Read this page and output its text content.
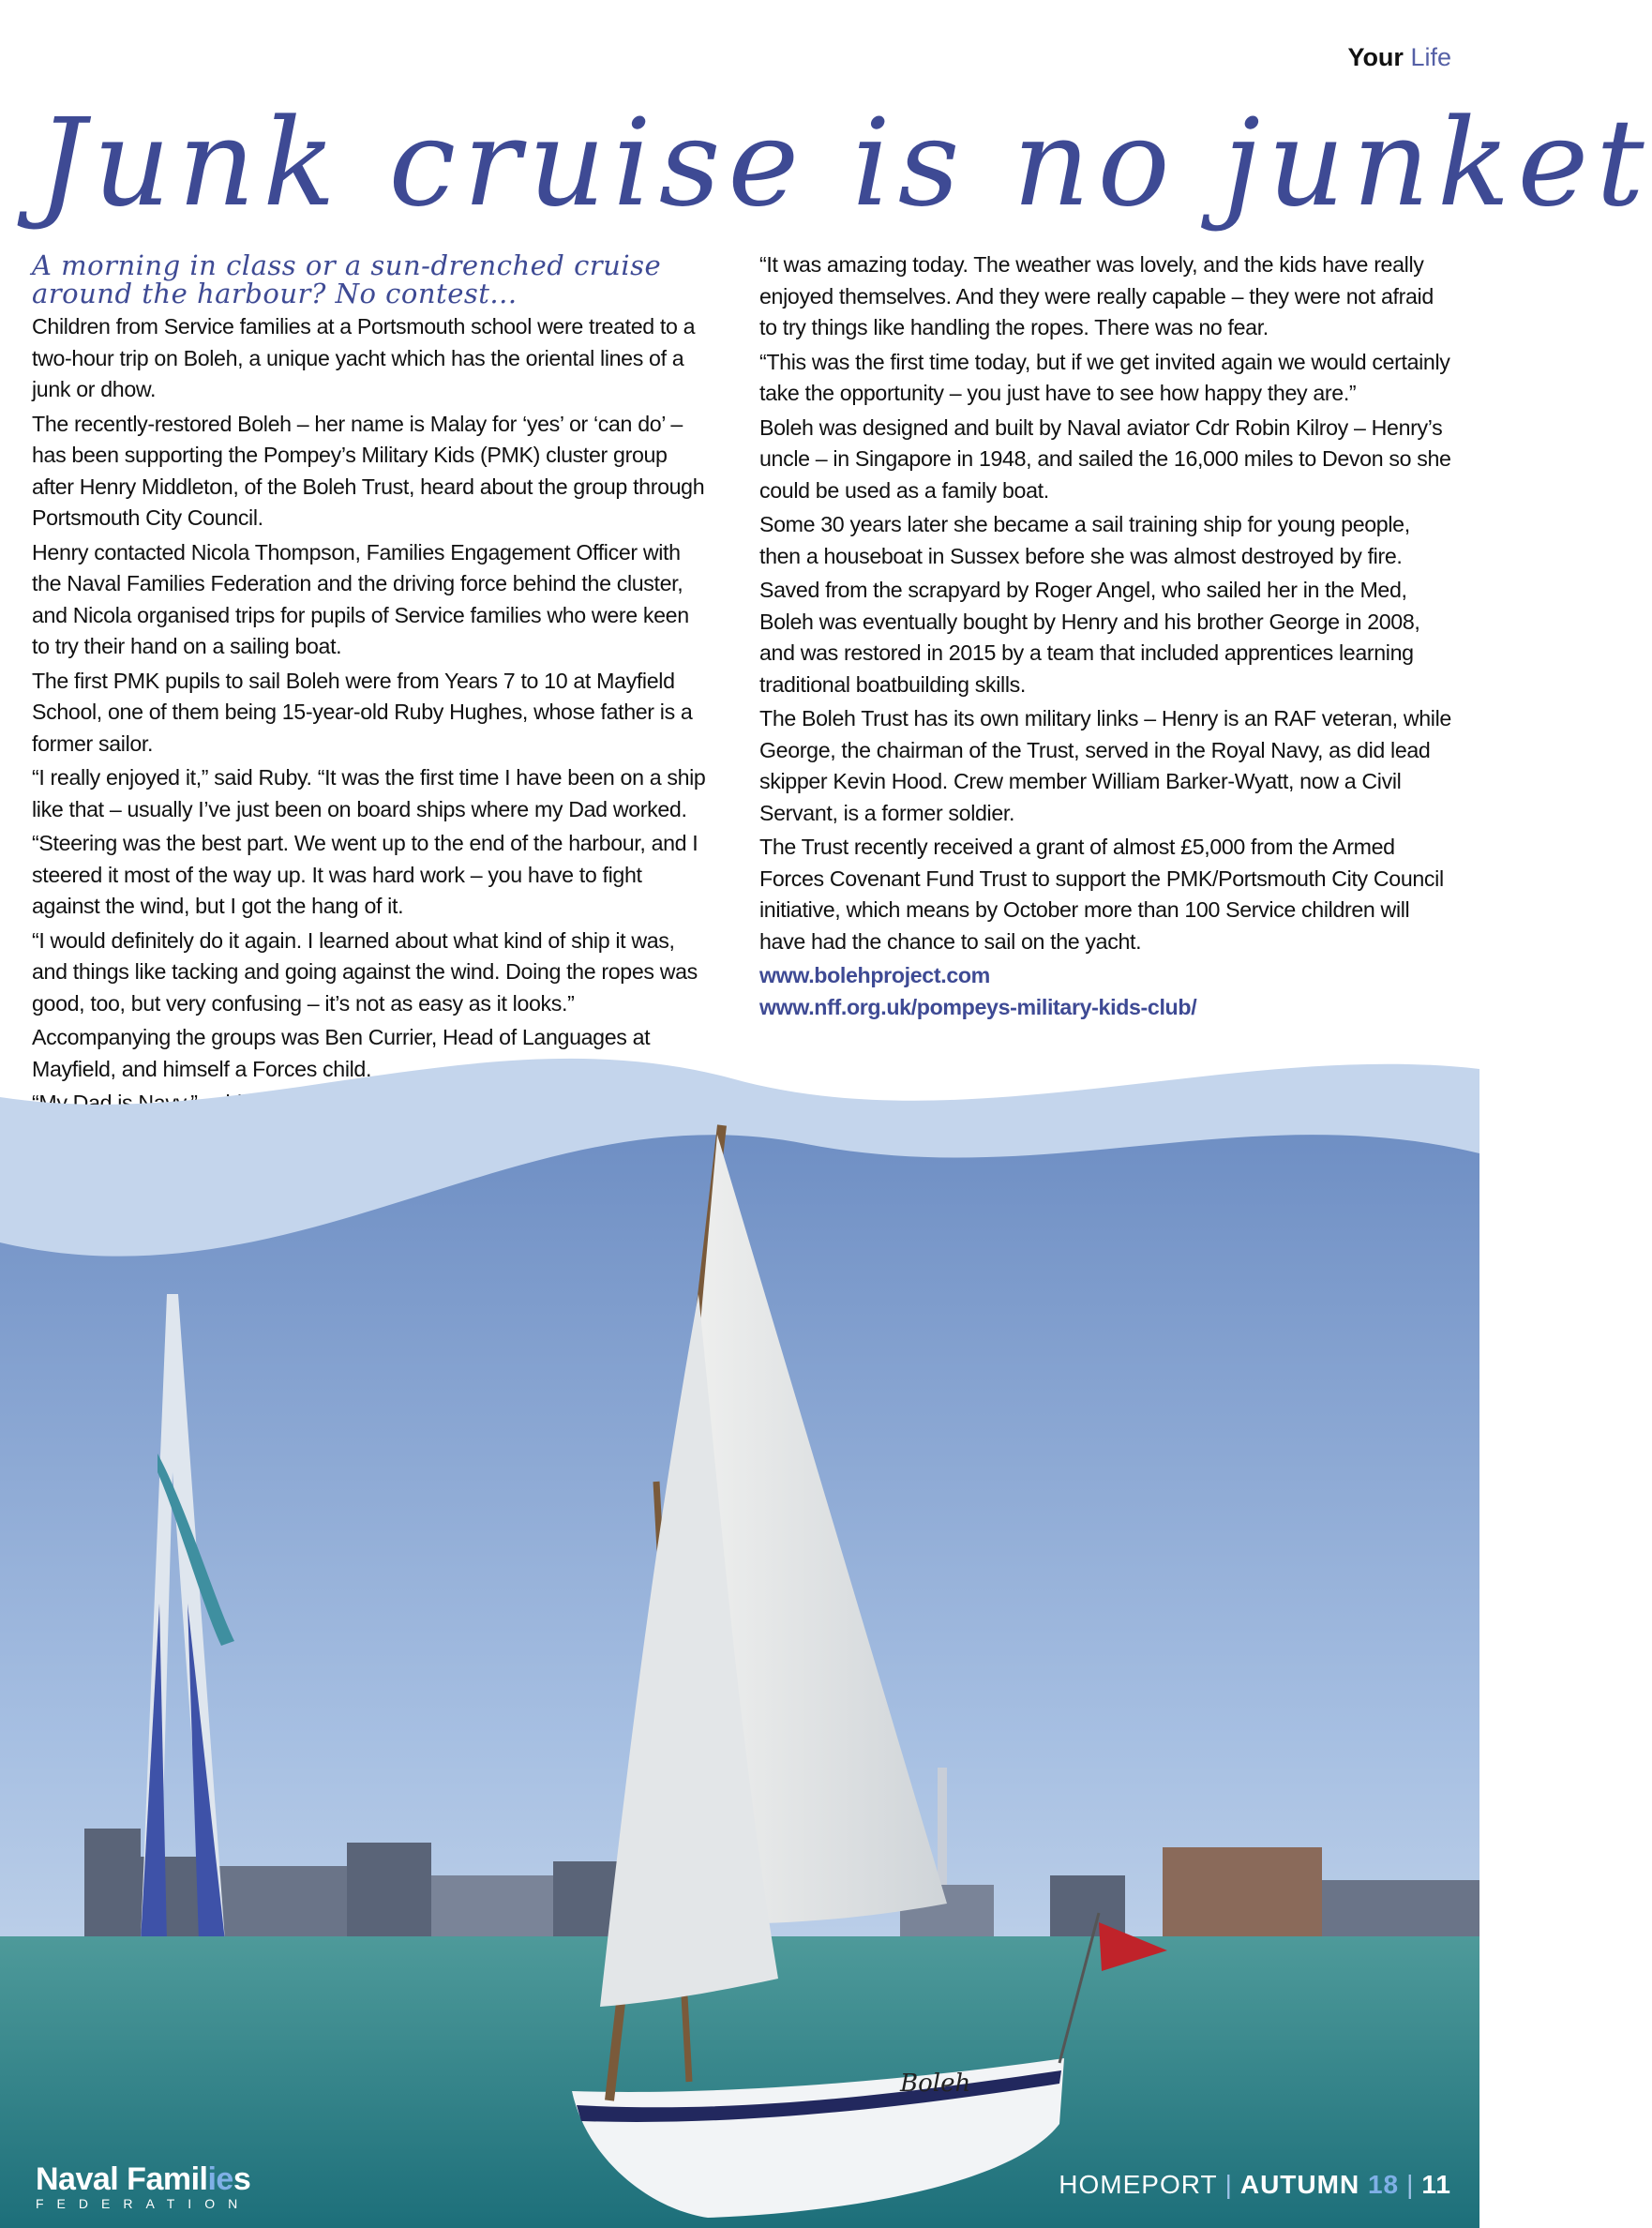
Your Life
Junk cruise is no junket

A morning in class or a sun-drenched cruise around the harbour? No contest...

Children from Service families at a Portsmouth school were treated to a two-hour trip on Boleh, a unique yacht which has the oriental lines of a junk or dhow.

The recently-restored Boleh – her name is Malay for ‘yes’ or ‘can do’ – has been supporting the Pompey’s Military Kids (PMK) cluster group after Henry Middleton, of the Boleh Trust, heard about the group through Portsmouth City Council.

Henry contacted Nicola Thompson, Families Engagement Officer with the Naval Families Federation and the driving force behind the cluster, and Nicola organised trips for pupils of Service families who were keen to try their hand on a sailing boat.

The first PMK pupils to sail Boleh were from Years 7 to 10 at Mayfield School, one of them being 15-year-old Ruby Hughes, whose father is a former sailor.

“I really enjoyed it,” said Ruby. “It was the first time I have been on a ship like that – usually I’ve just been on board ships where my Dad worked.

“Steering was the best part. We went up to the end of the harbour, and I steered it most of the way up. It was hard work – you have to fight against the wind, but I got the hang of it.

“I would definitely do it again. I learned about what kind of ship it was, and things like tacking and going against the wind. Doing the ropes was good, too, but very confusing – it’s not as easy as it looks.”

Accompanying the groups was Ben Currier, Head of Languages at Mayfield, and himself a Forces child.

“It was amazing today. The weather was lovely, and the kids have really enjoyed themselves. And they were really capable – they were not afraid to try things like handling the ropes. There was no fear.

“This was the first time today, but if we get invited again we would certainly take the opportunity – you just have to see how happy they are.”

Boleh was designed and built by Naval aviator Cdr Robin Kilroy – Henry’s uncle – in Singapore in 1948, and sailed the 16,000 miles to Devon so she could be used as a family boat.

Some 30 years later she became a sail training ship for young people, then a houseboat in Sussex before she was almost destroyed by fire.

Saved from the scrapyard by Roger Angel, who sailed her in the Med, Boleh was eventually bought by Henry and his brother George in 2008, and was restored in 2015 by a team that included apprentices learning traditional boatbuilding skills.

The Boleh Trust has its own military links – Henry is an RAF veteran, while George, the chairman of the Trust, served in the Royal Navy, as did lead skipper Kevin Hood. Crew member William Barker-Wyatt, now a Civil Servant, is a former soldier.

The Trust recently received a grant of almost £5,000 from the Armed Forces Covenant Fund Trust to support the PMK/Portsmouth City Council initiative, which means by October more than 100 Service children will have had the chance to sail on the yacht.

www.bolehproject.com
www.nff.org.uk/pompeys-military-kids-club/
Boleh
Naval Families
FEDERATION
HOMEPORT | AUTUMN 18 | 11
